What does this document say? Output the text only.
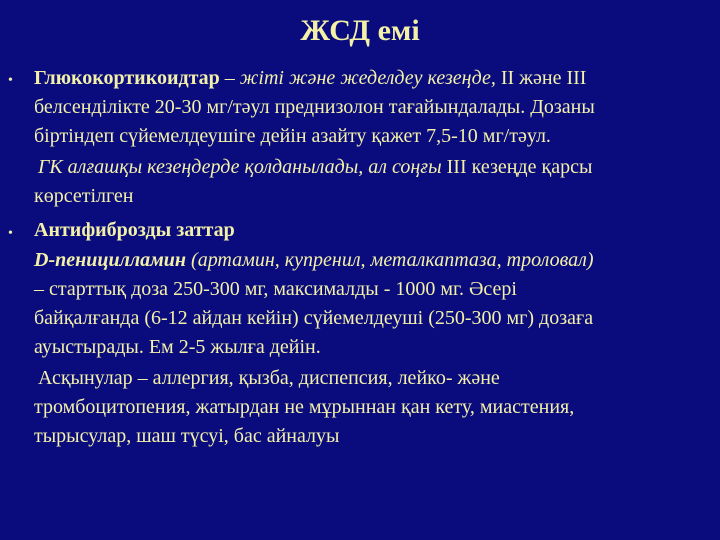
ЖСД емі
•	Глюкокортикоидтар – жіті және жеделдеу кезеңде, ІІ және ІІІ
белсенділікте 20-30 мг/тәул преднизолон тағайындалады. Дозаны
біртіндеп сүйемелдеушіге дейін азайту қажет 7,5-10 мг/тәул.
ГК алғашқы кезеңдерде қолданылады, ал соңғы ІІІ кезеңде қарсы
көрсетілген
•	Антифиброзды заттар
D-пеницилламин (артамин, купренил, металкаптаза, троловал)
– старттық доза 250-300 мг, максималды - 1000 мг. Әсері
байқалғанда (6-12 айдан кейін) сүйемелдеуші (250-300 мг) дозаға
ауыстырады. Ем 2-5 жылға дейін.
Асқынулар – аллергия, қызба, диспепсия, лейко- және
тромбоцитопения, жатырдан не мұрыннан қан кету, миастения,
тырысулар, шаш түсуі, бас айналуы
